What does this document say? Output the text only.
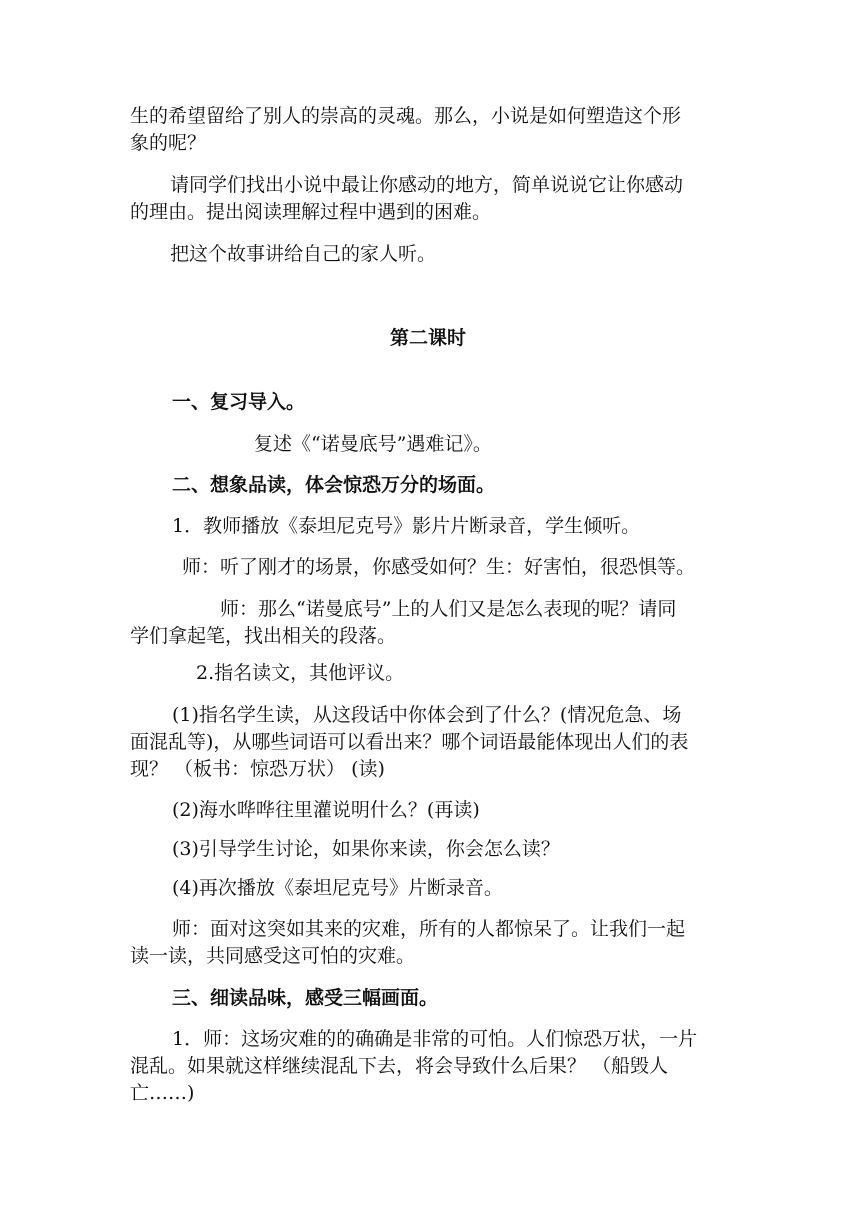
生的希望留给了别人的崇高的灵魂。那么，小说是如何塑造这个形

象的呢？

请同学们找出小说中最让你感动的地方，简单说说它让你感动

的理由。提出阅读理解过程中遇到的困难。

把这个故事讲给自己的家人听。

第二课时

一、复习导入。

复述《“诺曼底号”遇难记》。

二、想象品读，体会惊恐万分的场面。

1．教师播放《泰坦尼克号》影片片断录音，学生倾听。

师：听了刚才的场景，你感受如何？生：好害怕，很恐惧等。

师：那么“诺曼底号”上的人们又是怎么表现的呢？请同

学们拿起笔，找出相关的段落。

2.指名读文，其他评议。

(1)指名学生读，从这段话中你体会到了什么？(情况危急、场

面混乱等)，从哪些词语可以看出来？哪个词语最能体现出人们的表

现？ （板书：惊恐万状） (读)

(2)海水哗哗往里灌说明什么？(再读)

(3)引导学生讨论，如果你来读，你会怎么读？

(4)再次播放《泰坦尼克号》片断录音。

师：面对这突如其来的灾难，所有的人都惊呆了。让我们一起

读一读，共同感受这可怕的灾难。

三、细读品味，感受三幅画面。

1．师：这场灾难的的确确是非常的可怕。人们惊恐万状，一片

混乱。如果就这样继续混乱下去，将会导致什么后果？ （船毁人

亡……)
